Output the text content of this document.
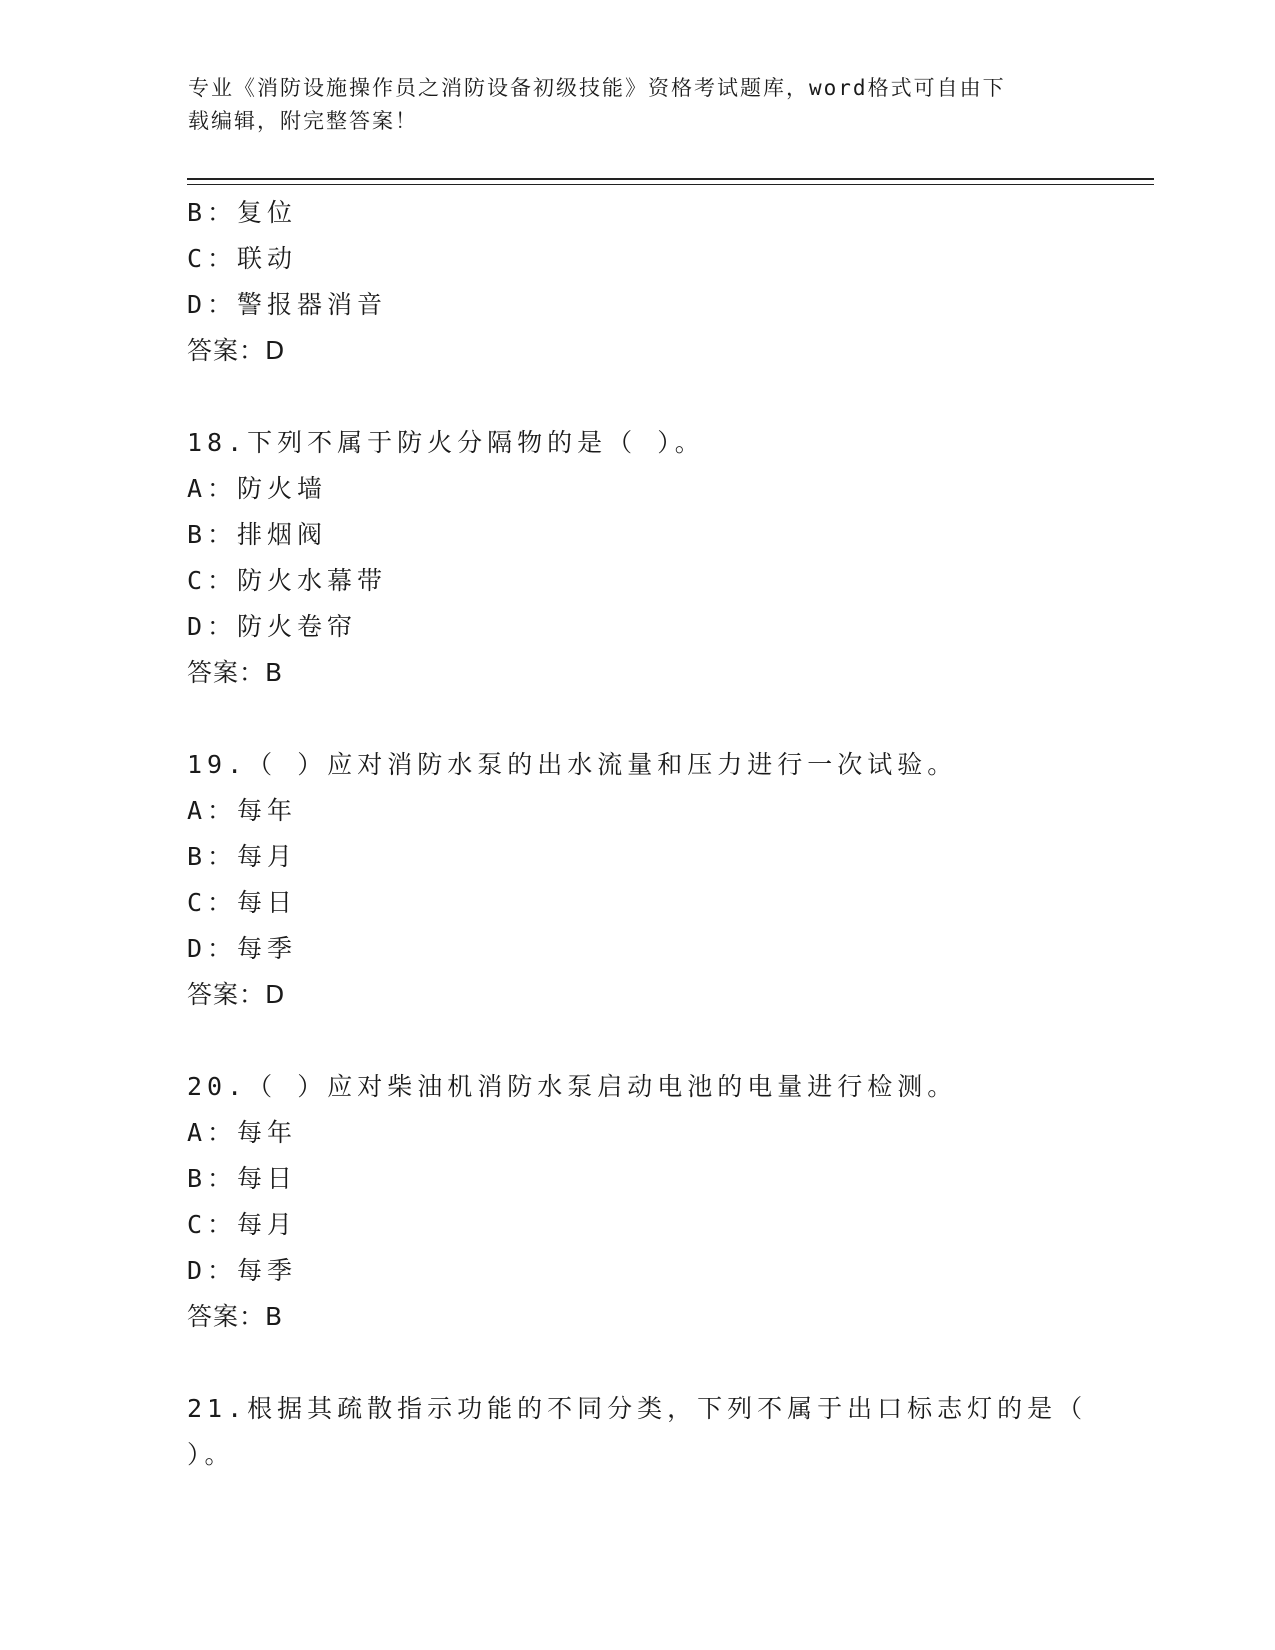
专业《消防设施操作员之消防设备初级技能》资格考试题库，word格式可自由下
载编辑，附完整答案！
B：复位
C：联动
D：警报器消音
答案：D
18.下列不属于防火分隔物的是（ ）。
A：防火墙
B：排烟阀
C：防火水幕带
D：防火卷帘
答案：B
19.（ ）应对消防水泵的出水流量和压力进行一次试验。
A：每年
B：每月
C：每日
D：每季
答案：D
20.（ ）应对柴油机消防水泵启动电池的电量进行检测。
A：每年
B：每日
C：每月
D：每季
答案：B
21.根据其疏散指示功能的不同分类，下列不属于出口标志灯的是（
）。
